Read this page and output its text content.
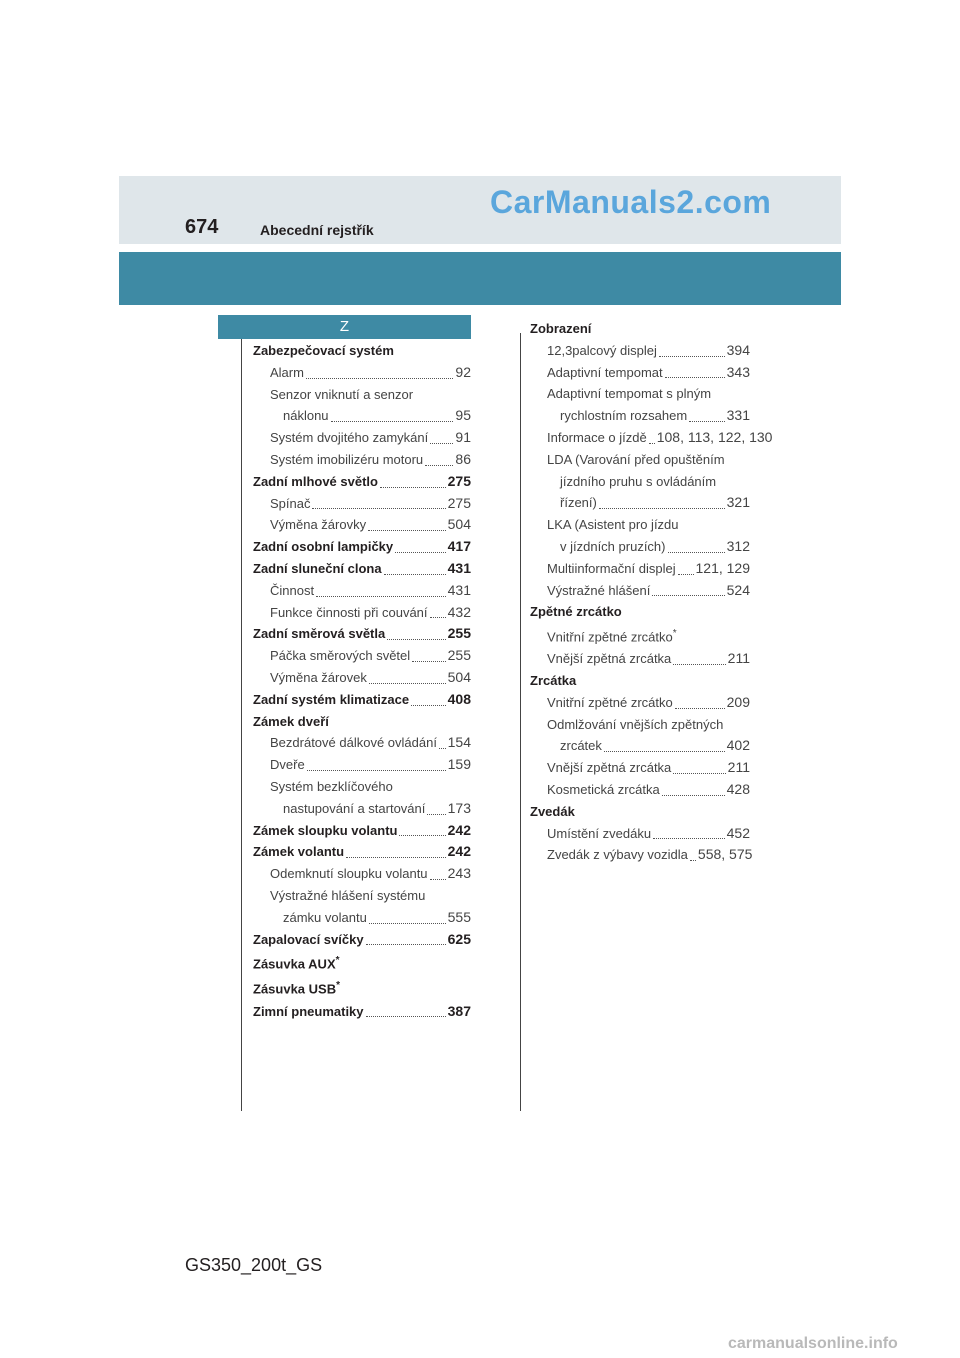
674	Abecední rejstřík
CarManuals2.com
Z
Zabezpečovací systém
Alarm	92
Senzor vniknutí a senzor
náklonu	95
Systém dvojitého zamykání 91
Systém imobilizéru motoru 86
Zadní mlhové světlo	275
Spínač	275
Výměna žárovky	504
Zadní osobní lampičky	417
Zadní sluneční clona	431
Činnost	431
Funkce činnosti při couvání 432
Zadní směrová světla	255
Páčka směrových světel	255
Výměna žárovek	504
Zadní systém klimatizace	408
Zámek dveří
Bezdrátové dálkové ovládání 154
Dveře	159
Systém bezklíčového
nastupování a startování 173
Zámek sloupku volantu	242
Zámek volantu	242
Odemknutí sloupku volantu 243
Výstražné hlášení systému
zámku volantu	555
Zapalovací svíčky	625
Zásuvka AUX*
Zásuvka USB*
Zimní pneumatiky	387
Zobrazení
12,3palcový displej	394
Adaptivní tempomat	343
Adaptivní tempomat s plným
rychlostním rozsahem	331
Informace o jízdě 108, 113, 122, 130
LDA (Varování před opuštěním
jízdního pruhu s ovládáním
řízení)	321
LKA (Asistent pro jízdu
v jízdních pruzích)	312
Multiinformační displej 121, 129
Výstražné hlášení	524
Zpětné zrcátko
Vnitřní zpětné zrcátko*
Vnější zpětná zrcátka	211
Zrcátka
Vnitřní zpětné zrcátko	209
Odmlžování vnějších zpětných
zrcátek	402
Vnější zpětná zrcátka	211
Kosmetická zrcátka	428
Zvedák
Umístění zvedáku	452
Zvedák z výbavy vozidla 558, 575
GS350_200t_GS
carmanualsonline.info
